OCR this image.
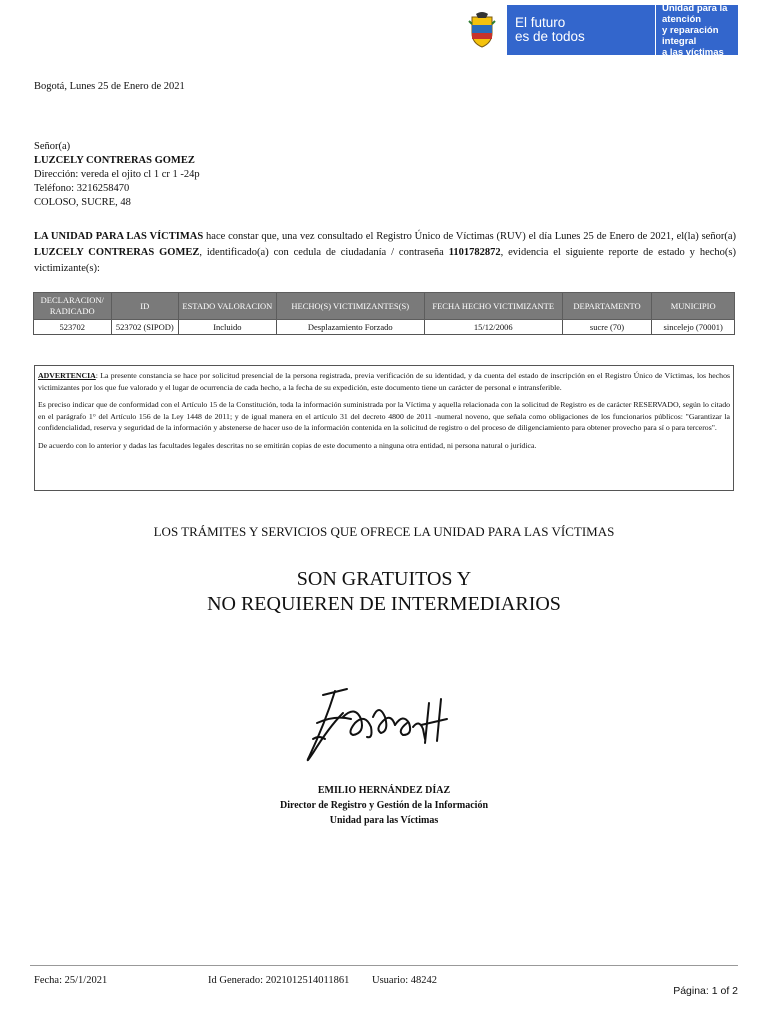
El futuro
es de todos
Unidad para la atención
y reparación integral
a las víctimas
Bogotá, Lunes 25 de Enero de 2021
Señor(a)
LUZCELY CONTRERAS GOMEZ
Dirección: vereda el ojito cl 1 cr 1 -24p
Teléfono: 3216258470
COLOSO, SUCRE, 48
LA UNIDAD PARA LAS VÍCTIMAS hace constar que, una vez consultado el Registro Único de Víctimas (RUV) el día Lunes 25 de Enero de 2021, el(la) señor(a) LUZCELY CONTRERAS GOMEZ, identificado(a) con cedula de ciudadanía / contraseña 1101782872, evidencia el siguiente reporte de estado y hecho(s) victimizante(s):
DECLARACION/ RADICADO	ID	ESTADO VALORACION	HECHO(S) VICTIMIZANTES(S)	FECHA HECHO VICTIMIZANTE	DEPARTAMENTO	MUNICIPIO
523702	523702 (SIPOD)	Incluido	Desplazamiento Forzado	15/12/2006	sucre (70)	sincelejo (70001)

ADVERTENCIA: La presente constancia se hace por solicitud presencial de la persona registrada, previa verificación de su identidad, y da cuenta del estado de inscripción en el Registro Único de Víctimas, los hechos victimizantes por los que fue valorado y el lugar de ocurrencia de cada hecho, a la fecha de su expedición, este documento tiene un carácter de personal e intransferible.

Es preciso indicar que de conformidad con el Artículo 15 de la Constitución, toda la información suministrada por la Víctima y aquella relacionada con la solicitud de Registro es de carácter RESERVADO, según lo citado en el parágrafo 1° del Artículo 156 de la Ley 1448 de 2011; y de igual manera en el artículo 31 del decreto 4800 de 2011 -numeral noveno, que señala como obligaciones de los funcionarios públicos: "Garantizar la confidencialidad, reserva y seguridad de la información y abstenerse de hacer uso de la información contenida en la solicitud de registro o del proceso de diligenciamiento para obtener provecho para sí o para terceros".

De acuerdo con lo anterior y dadas las facultades legales descritas no se emitirán copias de este documento a ninguna otra entidad, ni persona natural o jurídica.

LOS TRÁMITES Y SERVICIOS QUE OFRECE LA UNIDAD PARA LAS VÍCTIMAS
SON GRATUITOS Y
NO REQUIEREN DE INTERMEDIARIOS
EMILIO HERNÁNDEZ DÍAZ
Director de Registro y Gestión de la Información
Unidad para las Víctimas
Fecha: 25/1/2021	Id Generado: 2021012514011861 Usuario: 48242
Página: 1 of 2
